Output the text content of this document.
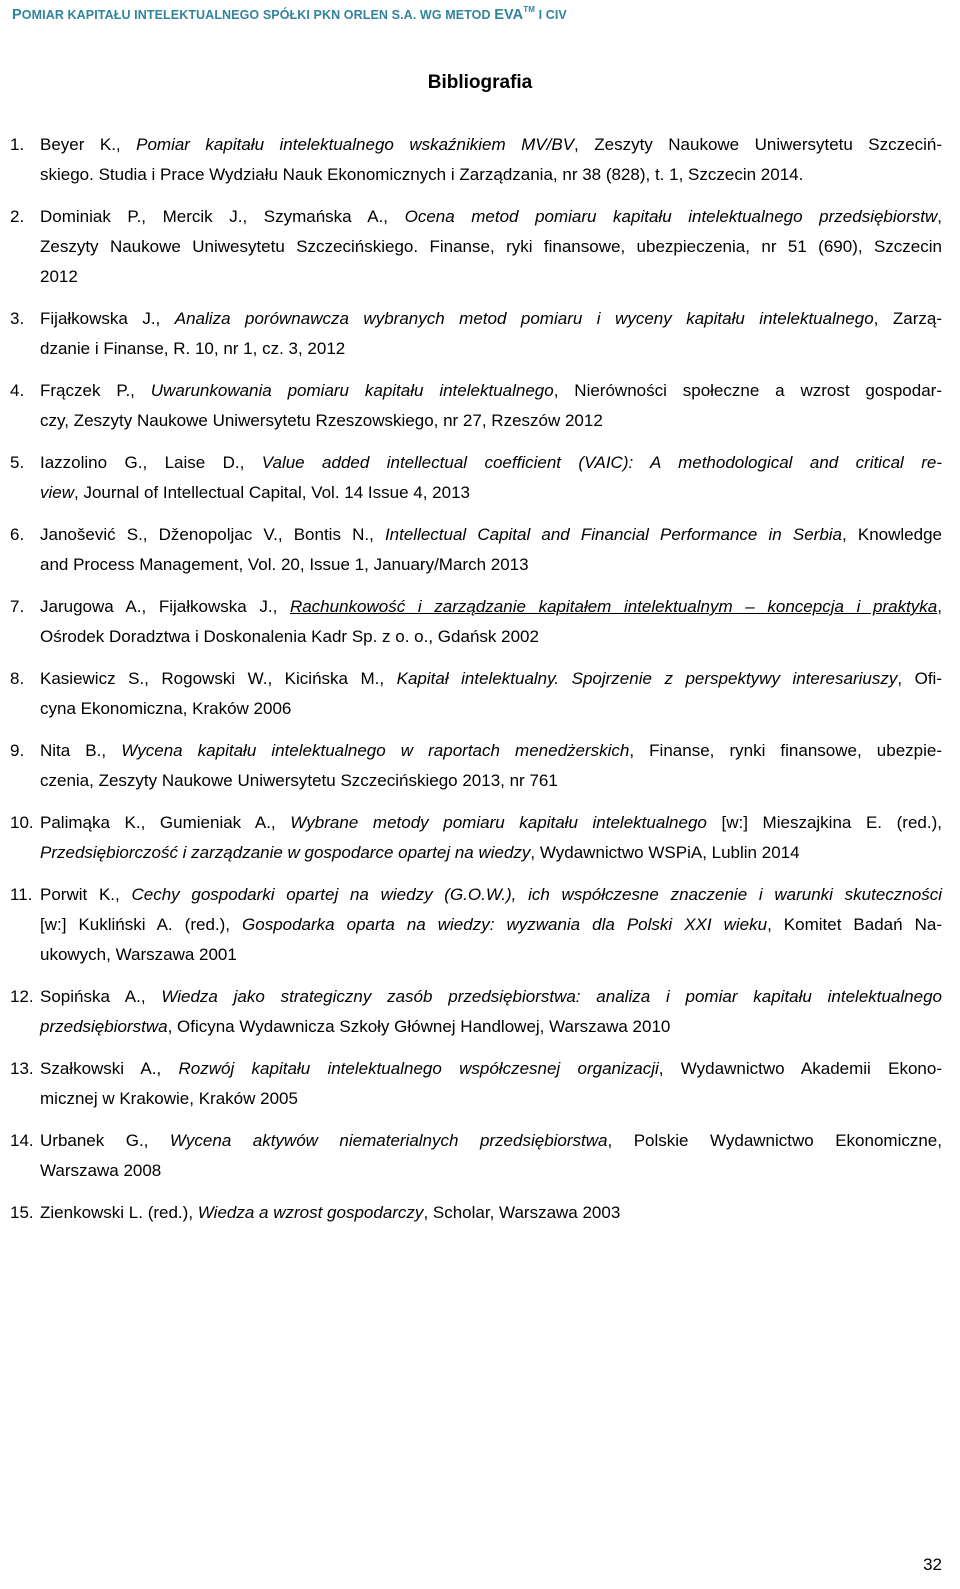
POMIAR KAPITAŁU INTELEKTUALNEGO SPÓŁKI PKN ORLEN S.A. WG METOD EVA™ I CIV
Bibliografia
1. Beyer K., Pomiar kapitału intelektualnego wskaźnikiem MV/BV, Zeszyty Naukowe Uniwersytetu Szczeciń-
skiego. Studia i Prace Wydziału Nauk Ekonomicznych i Zarządzania, nr 38 (828), t. 1, Szczecin 2014.
2. Dominiak P., Mercik J., Szymańska A., Ocena metod pomiaru kapitału intelektualnego przedsiębiorstw,
Zeszyty Naukowe Uniwesytetu Szczecińskiego. Finanse, ryki finansowe, ubezpieczenia, nr 51 (690), Szczecin
2012
3. Fijałkowska J., Analiza porównawcza wybranych metod pomiaru i wyceny kapitału intelektualnego, Zarzą-
dzanie i Finanse, R. 10, nr 1, cz. 3, 2012
4. Frączek P., Uwarunkowania pomiaru kapitału intelektualnego, Nierówności społeczne a wzrost gospodar-
czy, Zeszyty Naukowe Uniwersytetu Rzeszowskiego, nr 27, Rzeszów 2012
5. Iazzolino G., Laise D., Value added intellectual coefficient (VAIC): A methodological and critical re-
view, Journal of Intellectual Capital, Vol. 14 Issue 4, 2013
6. Janošević S., Dženopoljac V., Bontis N., Intellectual Capital and Financial Performance in Serbia, Knowledge
and Process Management, Vol. 20, Issue 1, January/March 2013
7. Jarugowa A., Fijałkowska J., Rachunkowość i zarządzanie kapitałem intelektualnym – koncepcja i praktyka,
Ośrodek Doradztwa i Doskonalenia Kadr Sp. z o. o., Gdańsk 2002
8. Kasiewicz S., Rogowski W., Kicińska M., Kapitał intelektualny. Spojrzenie z perspektywy interesariuszy, Ofi-
cyna Ekonomiczna, Kraków 2006
9. Nita B., Wycena kapitału intelektualnego w raportach menedżerskich, Finanse, rynki finansowe, ubezpie-
czenia, Zeszyty Naukowe Uniwersytetu Szczecińskiego 2013, nr 761
10. Palimąka K., Gumieniak A., Wybrane metody pomiaru kapitału intelektualnego [w:] Mieszajkina E. (red.),
Przedsiębiorczość i zarządzanie w gospodarce opartej na wiedzy, Wydawnictwo WSPiA, Lublin 2014
11. Porwit K., Cechy gospodarki opartej na wiedzy (G.O.W.), ich współczesne znaczenie i warunki skuteczności
[w:] Kukliński A. (red.), Gospodarka oparta na wiedzy: wyzwania dla Polski XXI wieku, Komitet Badań Na-
ukowych, Warszawa 2001
12. Sopińska A., Wiedza jako strategiczny zasób przedsiębiorstwa: analiza i pomiar kapitału intelektualnego
przedsiębiorstwa, Oficyna Wydawnicza Szkoły Głównej Handlowej, Warszawa 2010
13. Szałkowski A., Rozwój kapitału intelektualnego współczesnej organizacji, Wydawnictwo Akademii Ekono-
micznej w Krakowie, Kraków 2005
14. Urbanek G., Wycena aktywów niematerialnych przedsiębiorstwa, Polskie Wydawnictwo Ekonomiczne,
Warszawa 2008
15. Zienkowski L. (red.), Wiedza a wzrost gospodarczy, Scholar, Warszawa 2003
32
